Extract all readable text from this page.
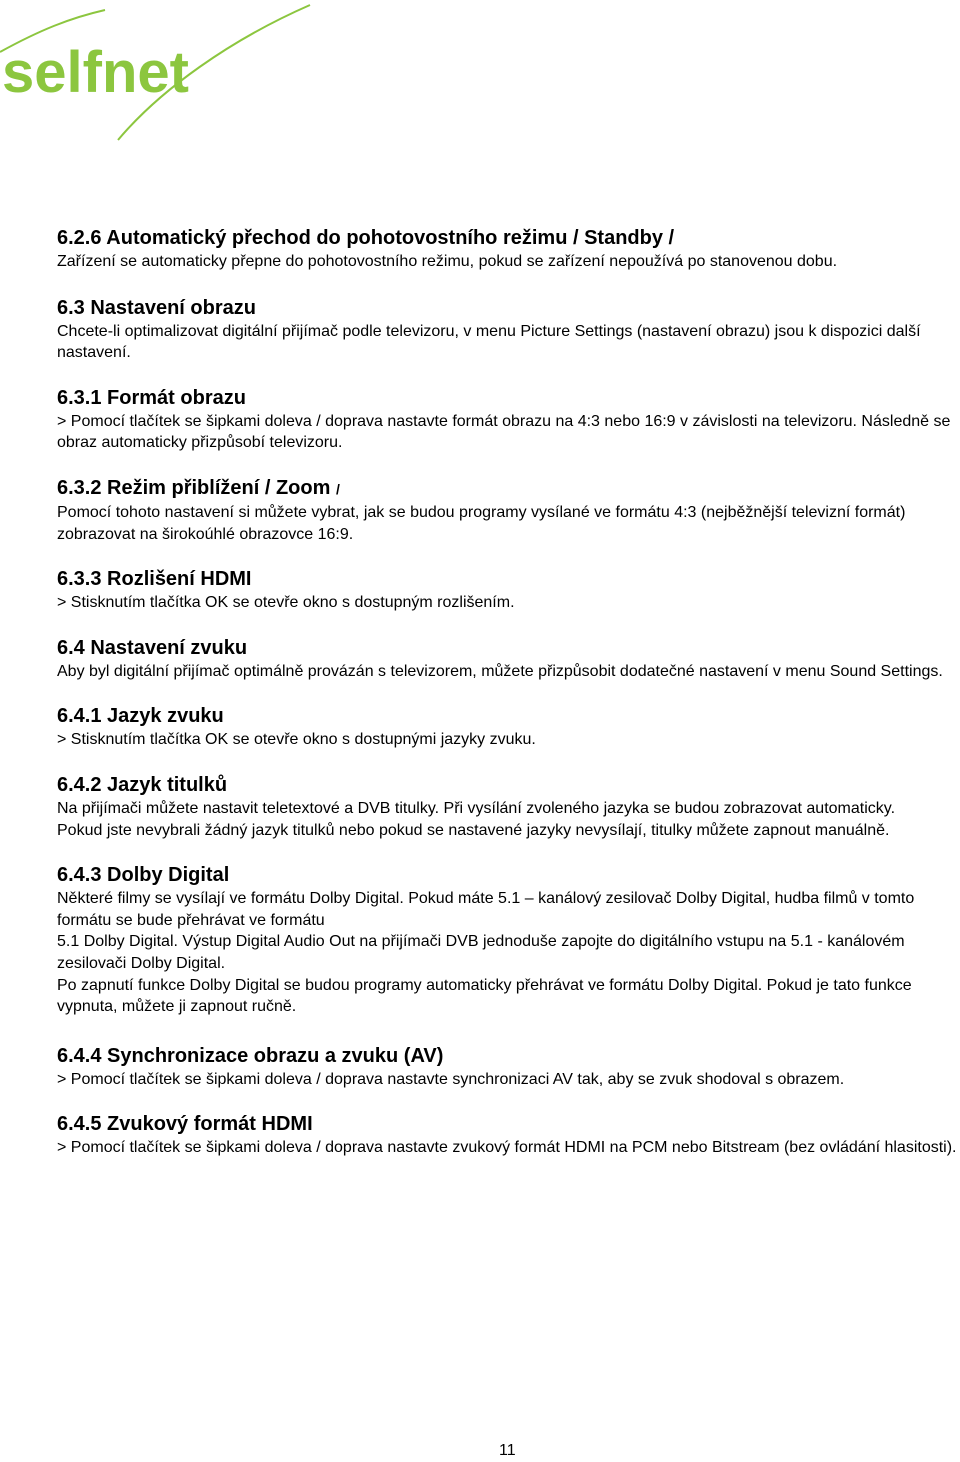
selfnet
6.2.6 Automatický přechod do pohotovostního režimu / Standby /
Zařízení se automaticky přepne do pohotovostního režimu, pokud se zařízení nepoužívá po stanovenou dobu.
6.3 Nastavení obrazu
Chcete-li optimalizovat digitální přijímač podle televizoru, v menu Picture Settings (nastavení obrazu) jsou k dispozici další nastavení.
6.3.1 Formát obrazu
> Pomocí tlačítek se šipkami doleva / doprava nastavte formát obrazu na 4:3 nebo 16:9 v závislosti na televizoru. Následně se obraz automaticky přizpůsobí televizoru.
6.3.2 Režim přiblížení / Zoom /
Pomocí tohoto nastavení si můžete vybrat, jak se budou programy vysílané ve formátu 4:3 (nejběžnější televizní formát) zobrazovat na širokoúhlé obrazovce 16:9.
6.3.3 Rozlišení HDMI
> Stisknutím tlačítka OK se otevře okno s dostupným rozlišením.
6.4 Nastavení zvuku
Aby byl digitální přijímač optimálně provázán s televizorem, můžete přizpůsobit dodatečné nastavení v menu Sound Settings.
6.4.1 Jazyk zvuku
> Stisknutím tlačítka OK se otevře okno s dostupnými jazyky zvuku.
6.4.2 Jazyk titulků
Na přijímači můžete nastavit teletextové a DVB titulky. Při vysílání zvoleného jazyka se budou zobrazovat automaticky.
Pokud jste nevybrali žádný jazyk titulků nebo pokud se nastavené jazyky nevysílají, titulky můžete zapnout manuálně.
6.4.3 Dolby Digital
Některé filmy se vysílají ve formátu Dolby Digital. Pokud máte 5.1 – kanálový zesilovač Dolby Digital, hudba filmů v tomto formátu se bude přehrávat ve formátu
5.1 Dolby Digital. Výstup Digital Audio Out na přijímači DVB jednoduše zapojte do digitálního vstupu na 5.1 - kanálovém zesilovači Dolby Digital.
Po zapnutí funkce Dolby Digital se budou programy automaticky přehrávat ve formátu Dolby Digital. Pokud je tato funkce vypnuta, můžete ji zapnout ručně.
6.4.4 Synchronizace obrazu a zvuku (AV)
> Pomocí tlačítek se šipkami doleva / doprava nastavte synchronizaci AV tak, aby se zvuk shodoval s obrazem.
6.4.5 Zvukový formát HDMI
> Pomocí tlačítek se šipkami doleva / doprava nastavte zvukový formát HDMI na PCM nebo Bitstream (bez ovládání hlasitosti).
11
